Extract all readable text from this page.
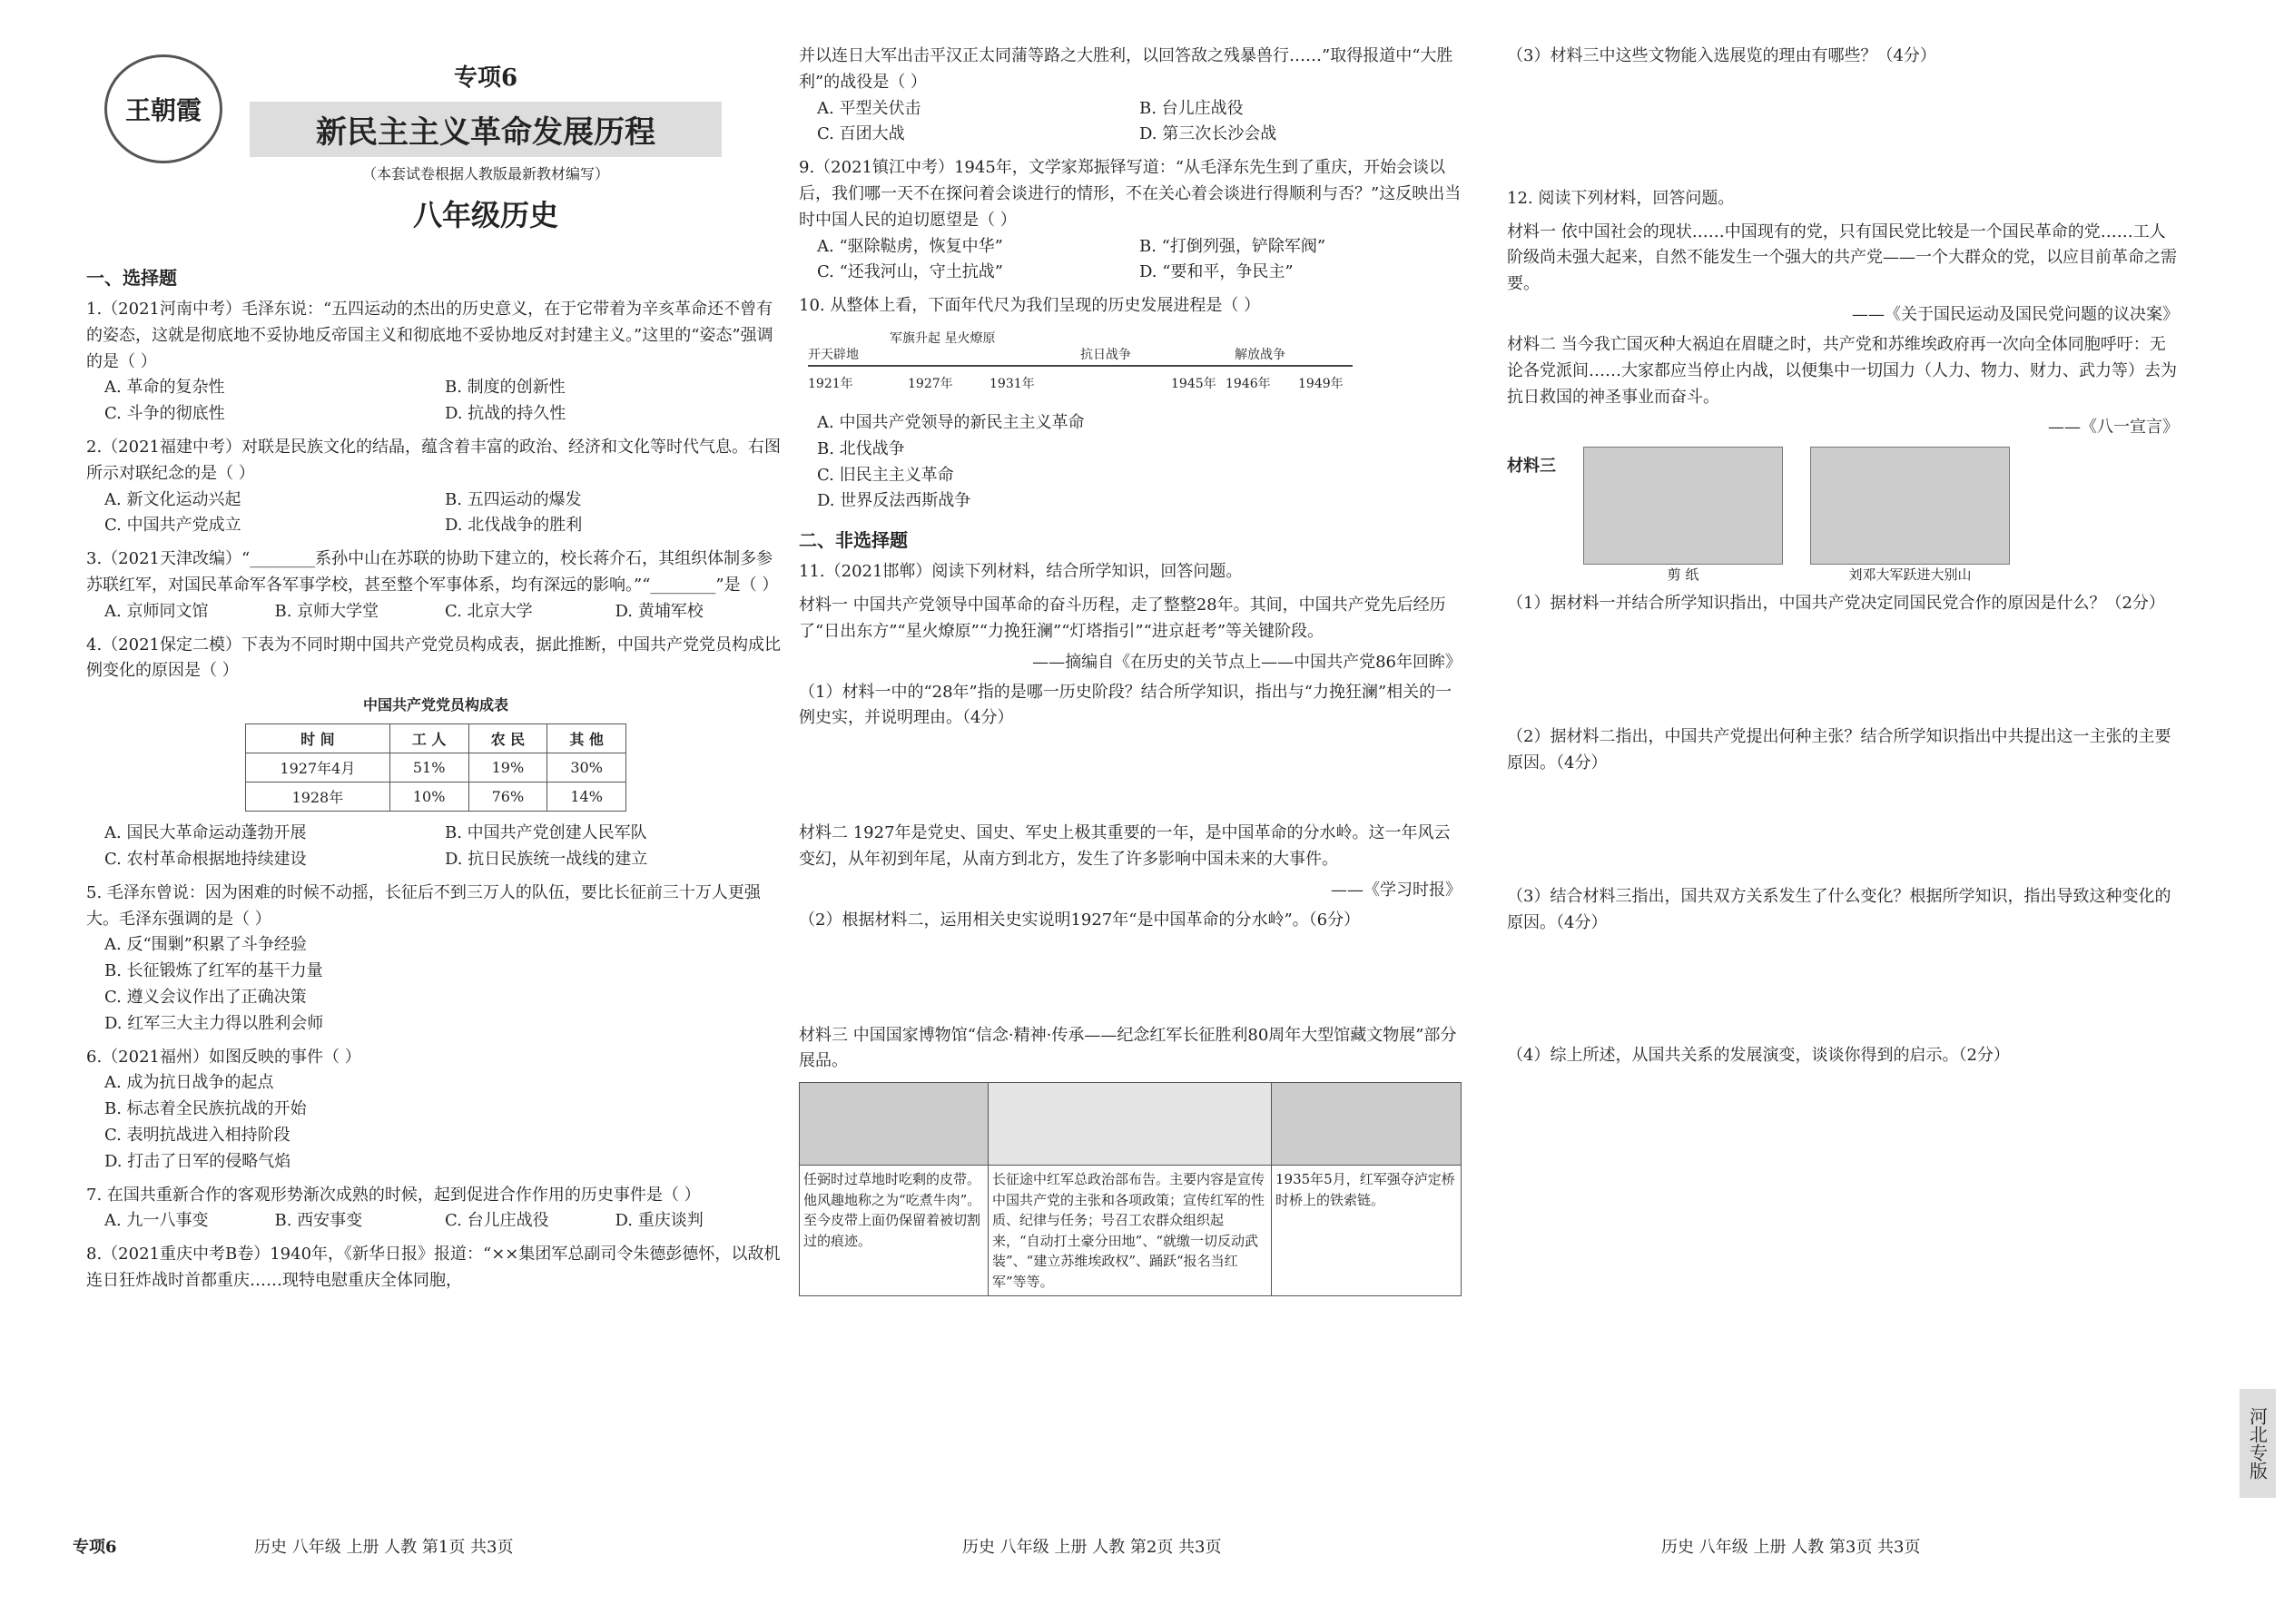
王朝霞
专项6
新民主主义革命发展历程
（本套试卷根据人教版最新教材编写）
八年级历史
一、选择题
1.（2021河南中考）毛泽东说：“五四运动的杰出的历史意义，在于它带着为辛亥革命还不曾有的姿态，这就是彻底地不妥协地反帝国主义和彻底地不妥协地反对封建主义。”这里的“姿态”强调的是（ ）
A. 革命的复杂性	B. 制度的创新性
C. 斗争的彻底性	D. 抗战的持久性
2.（2021福建中考）对联是民族文化的结晶，蕴含着丰富的政治、经济和文化等时代气息。右图所示对联纪念的是（ ）
A. 新文化运动兴起	B. 五四运动的爆发
C. 中国共产党成立	D. 北伐战争的胜利
3.（2021天津改编）“________系孙中山在苏联的协助下建立的，校长蒋介石，其组织体制多参苏联红军，对国民革命军各军事学校，甚至整个军事体系，均有深远的影响。”“________”是（ ）
A. 京师同文馆	B. 京师大学堂	C. 北京大学	D. 黄埔军校
4.（2021保定二模）下表为不同时期中国共产党党员构成表，据此推断，中国共产党党员构成比例变化的原因是（ ）
中国共产党党员构成表
时 间	工 人	农 民	其 他
1927年4月	51%	19%	30%
1928年	10%	76%	14%
A. 国民大革命运动蓬勃开展	B. 中国共产党创建人民军队
C. 农村革命根据地持续建设	D. 抗日民族统一战线的建立
5. 毛泽东曾说：因为困难的时候不动摇，长征后不到三万人的队伍，要比长征前三十万人更强大。毛泽东强调的是（ ）
A. 反“围剿”积累了斗争经验
B. 长征锻炼了红军的基干力量
C. 遵义会议作出了正确决策
D. 红军三大主力得以胜利会师
6.（2021福州）如图反映的事件（ ）
A. 成为抗日战争的起点
B. 标志着全民族抗战的开始
C. 表明抗战进入相持阶段
D. 打击了日军的侵略气焰
7. 在国共重新合作的客观形势渐次成熟的时候，起到促进合作作用的历史事件是（ ）
A. 九一八事变	B. 西安事变	C. 台儿庄战役	D. 重庆谈判
8.（2021重庆中考B卷）1940年，《新华日报》报道：“××集团军总副司令朱德彭德怀，以敌机连日狂炸战时首都重庆……现特电慰重庆全体同胞，
并以连日大军出击平汉正太同蒲等路之大胜利，以回答敌之残暴兽行……”取得报道中“大胜利”的战役是（ ）
A. 平型关伏击	B. 台儿庄战役
C. 百团大战	D. 第三次长沙会战
9.（2021镇江中考）1945年，文学家郑振铎写道：“从毛泽东先生到了重庆，开始会谈以后，我们哪一天不在探问着会谈进行的情形，不在关心着会谈进行得顺利与否？”这反映出当时中国人民的迫切愿望是（ ）
A. “驱除鞑虏，恢复中华”	B. “打倒列强，铲除军阀”
C. “还我河山，守土抗战”	D. “要和平，争民主”
10. 从整体上看，下面年代尺为我们呈现的历史发展进程是（ ）
开天辟地
军旗升起 星火燎原
抗日战争	解放战争
1921年	1927年	1931年	1945年 1946年 1949年
A. 中国共产党领导的新民主主义革命
B. 北伐战争
C. 旧民主主义革命
D. 世界反法西斯战争
二、非选择题
11.（2021邯郸）阅读下列材料，结合所学知识，回答问题。
材料一 中国共产党领导中国革命的奋斗历程，走了整整28年。其间，中国共产党先后经历了“日出东方”“星火燎原”“力挽狂澜”“灯塔指引”“进京赶考”等关键阶段。
——摘编自《在历史的关节点上——中国共产党86年回眸》
（1）材料一中的“28年”指的是哪一历史阶段？结合所学知识，指出与“力挽狂澜”相关的一例史实，并说明理由。（4分）
材料二 1927年是党史、国史、军史上极其重要的一年，是中国革命的分水岭。这一年风云变幻，从年初到年尾，从南方到北方，发生了许多影响中国未来的大事件。
——《学习时报》
（2）根据材料二，运用相关史实说明1927年“是中国革命的分水岭”。（6分）
材料三 中国国家博物馆“信念·精神·传承——纪念红军长征胜利80周年大型馆藏文物展”部分展品。
任弼时过草地时吃剩的皮带。他风趣地称之为“吃煮牛肉”。至今皮带上面仍保留着被切割过的痕迹。
长征途中红军总政治部布告。主要内容是宣传中国共产党的主张和各项政策；宣传红军的性质、纪律与任务；号召工农群众组织起来，“自动打土豪分田地”、“就缴一切反动武装”、“建立苏维埃政权”、踊跃“报名当红军”等等。
1935年5月，红军强夺泸定桥时桥上的铁索链。
（3）材料三中这些文物能入选展览的理由有哪些？（4分）
12. 阅读下列材料，回答问题。
材料一 依中国社会的现状……中国现有的党，只有国民党比较是一个国民革命的党……工人阶级尚未强大起来，自然不能发生一个强大的共产党——一个大群众的党，以应目前革命之需要。
——《关于国民运动及国民党问题的议决案》
材料二 当今我亡国灭种大祸迫在眉睫之时，共产党和苏维埃政府再一次向全体同胞呼吁：无论各党派间……大家都应当停止内战，以便集中一切国力（人力、物力、财力、武力等）去为抗日救国的神圣事业而奋斗。
——《八一宣言》
材料三
剪 纸	刘邓大军跃进大别山
（1）据材料一并结合所学知识指出，中国共产党决定同国民党合作的原因是什么？（2分）
（2）据材料二指出，中国共产党提出何种主张？结合所学知识指出中共提出这一主张的主要原因。（4分）
（3）结合材料三指出，国共双方关系发生了什么变化？根据所学知识，指出导致这种变化的原因。（4分）
（4）综上所述，从国共关系的发展演变，谈谈你得到的启示。（2分）
河北专版
专项6	历史 八年级 上册 人教 第1页 共3页	历史 八年级 上册 人教 第2页 共3页	历史 八年级 上册 人教 第3页 共3页
